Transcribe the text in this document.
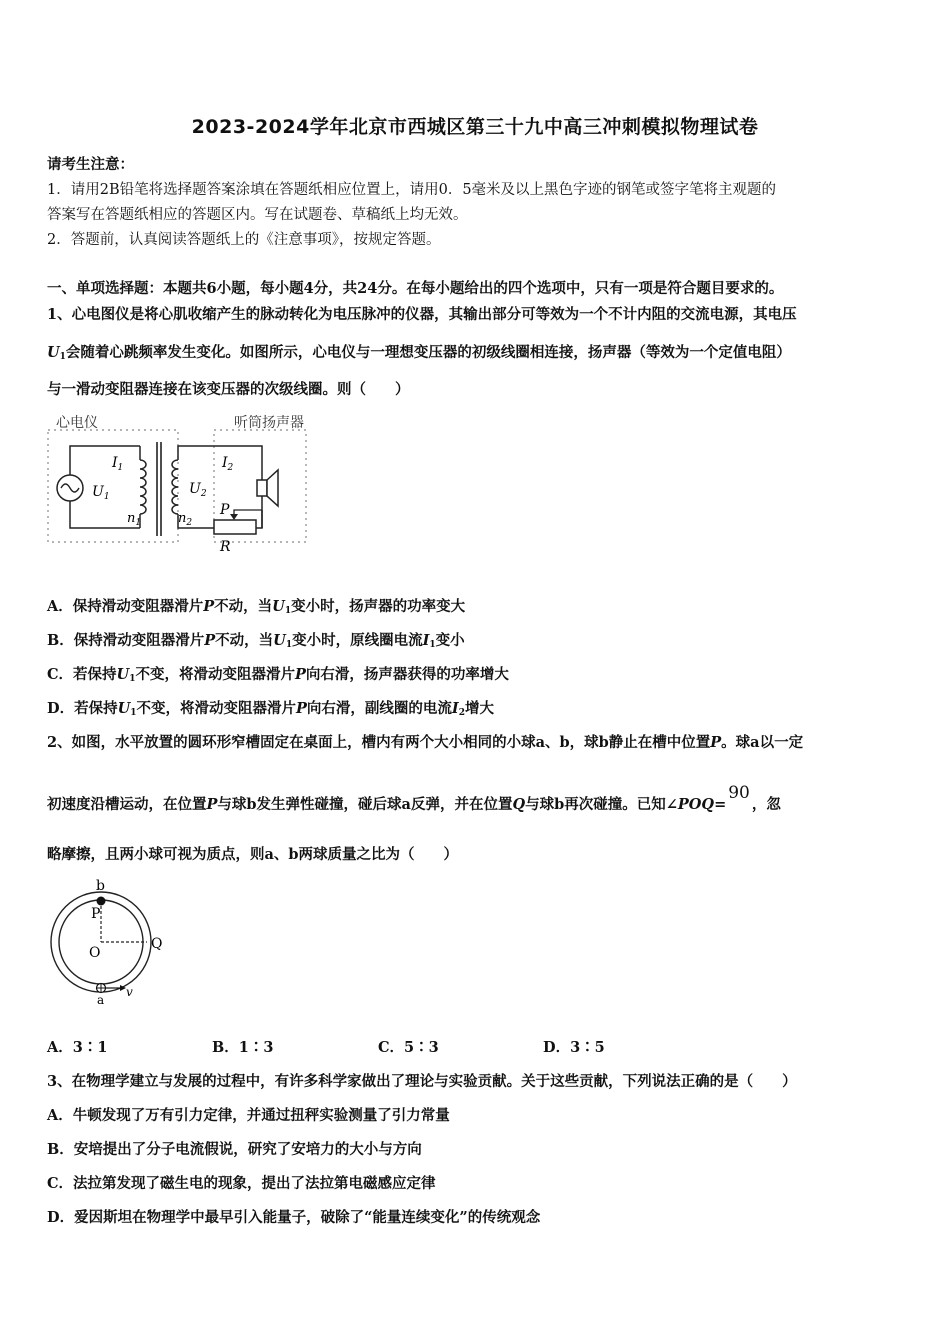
2023-2024学年北京市西城区第三十九中高三冲刺模拟物理试卷
请考生注意：
1．请用2B铅笔将选择题答案涂填在答题纸相应位置上，请用0．5毫米及以上黑色字迹的钢笔或签字笔将主观题的
答案写在答题纸相应的答题区内。写在试题卷、草稿纸上均无效。
2．答题前，认真阅读答题纸上的《注意事项》，按规定答题。
一、单项选择题：本题共6小题，每小题4分，共24分。在每小题给出的四个选项中，只有一项是符合题目要求的。
1、心电图仪是将心肌收缩产生的脉动转化为电压脉冲的仪器，其输出部分可等效为一个不计内阻的交流电源，其电压
$U_1$会随着心跳频率发生变化。如图所示，心电仪与一理想变压器的初级线圈相连接，扬声器（等效为一个定值电阻）
与一滑动变阻器连接在该变压器的次级线圈。则（　　）
心电仪	听筒扬声器
$I_1$
$U_1$
$n_1$
$I_2$
$U_2$
$n_2$
P
R
A．保持滑动变阻器滑片P不动，当$U_1$变小时，扬声器的功率变大
B．保持滑动变阻器滑片P不动，当$U_1$变小时，原线圈电流$I_1$变小
C．若保持$U_1$不变，将滑动变阻器滑片P向右滑，扬声器获得的功率增大
D．若保持$U_1$不变，将滑动变阻器滑片P向右滑，副线圈的电流$I_2$增大
2、如图，水平放置的圆环形窄槽固定在桌面上，槽内有两个大小相同的小球a、b，球b静止在槽中位置P。球a以一定
初速度沿槽运动，在位置P与球b发生弹性碰撞，碰后球a反弹，并在位置Q与球b再次碰撞。已知∠POQ=90，忽
略摩擦，且两小球可视为质点，则a、b两球质量之比为（　　）
b
P
O
Q
a
v
A．3∶1	B．1∶3	C．5∶3	D．3∶5
3、在物理学建立与发展的过程中，有许多科学家做出了理论与实验贡献。关于这些贡献，下列说法正确的是（　　）
A．牛顿发现了万有引力定律，并通过扭秤实验测量了引力常量
B．安培提出了分子电流假说，研究了安培力的大小与方向
C．法拉第发现了磁生电的现象，提出了法拉第电磁感应定律
D．爱因斯坦在物理学中最早引入能量子，破除了“能量连续变化”的传统观念
